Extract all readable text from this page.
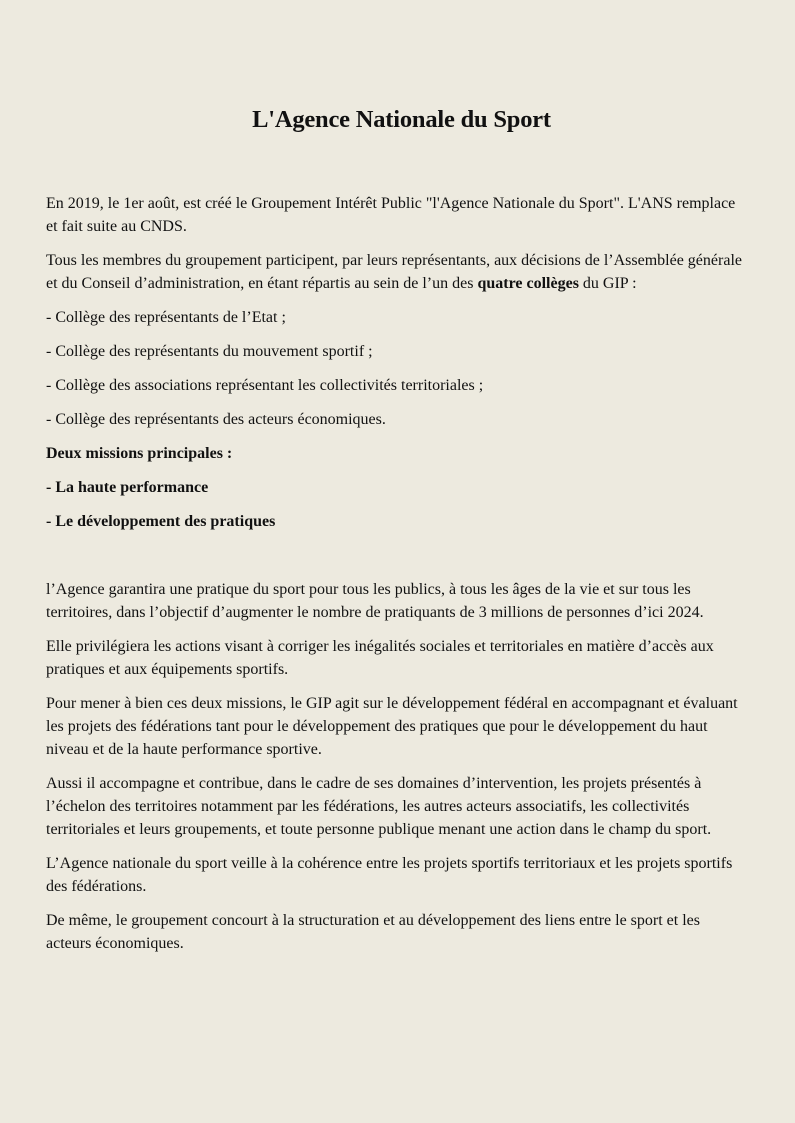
L'Agence Nationale du Sport

En 2019, le 1er août, est créé le Groupement Intérêt Public "l'Agence Nationale du Sport". L'ANS remplace et fait suite au CNDS.

Tous les membres du groupement participent, par leurs représentants, aux décisions de l’Assemblée générale et du Conseil d’administration, en étant répartis au sein de l’un des quatre collèges du GIP :

- Collège des représentants de l’Etat ;

- Collège des représentants du mouvement sportif ;

- Collège des associations représentant les collectivités territoriales ;

- Collège des représentants des acteurs économiques.

Deux missions principales :

- La haute performance

- Le développement des pratiques

l’Agence garantira une pratique du sport pour tous les publics, à tous les âges de la vie et sur tous les territoires, dans l’objectif d’augmenter le nombre de pratiquants de 3 millions de personnes d’ici 2024.

Elle privilégiera les actions visant à corriger les inégalités sociales et territoriales en matière d’accès aux pratiques et aux équipements sportifs.

Pour mener à bien ces deux missions, le GIP agit sur le développement fédéral en accompagnant et évaluant les projets des fédérations tant pour le développement des pratiques que pour le développement du haut niveau et de la haute performance sportive.

Aussi il accompagne et contribue, dans le cadre de ses domaines d’intervention, les projets présentés à l’échelon des territoires notamment par les fédérations, les autres acteurs associatifs, les collectivités territoriales et leurs groupements, et toute personne publique menant une action dans le champ du sport.

L’Agence nationale du sport veille à la cohérence entre les projets sportifs territoriaux et les projets sportifs des fédérations.

De même, le groupement concourt à la structuration et au développement des liens entre le sport et les acteurs économiques.
